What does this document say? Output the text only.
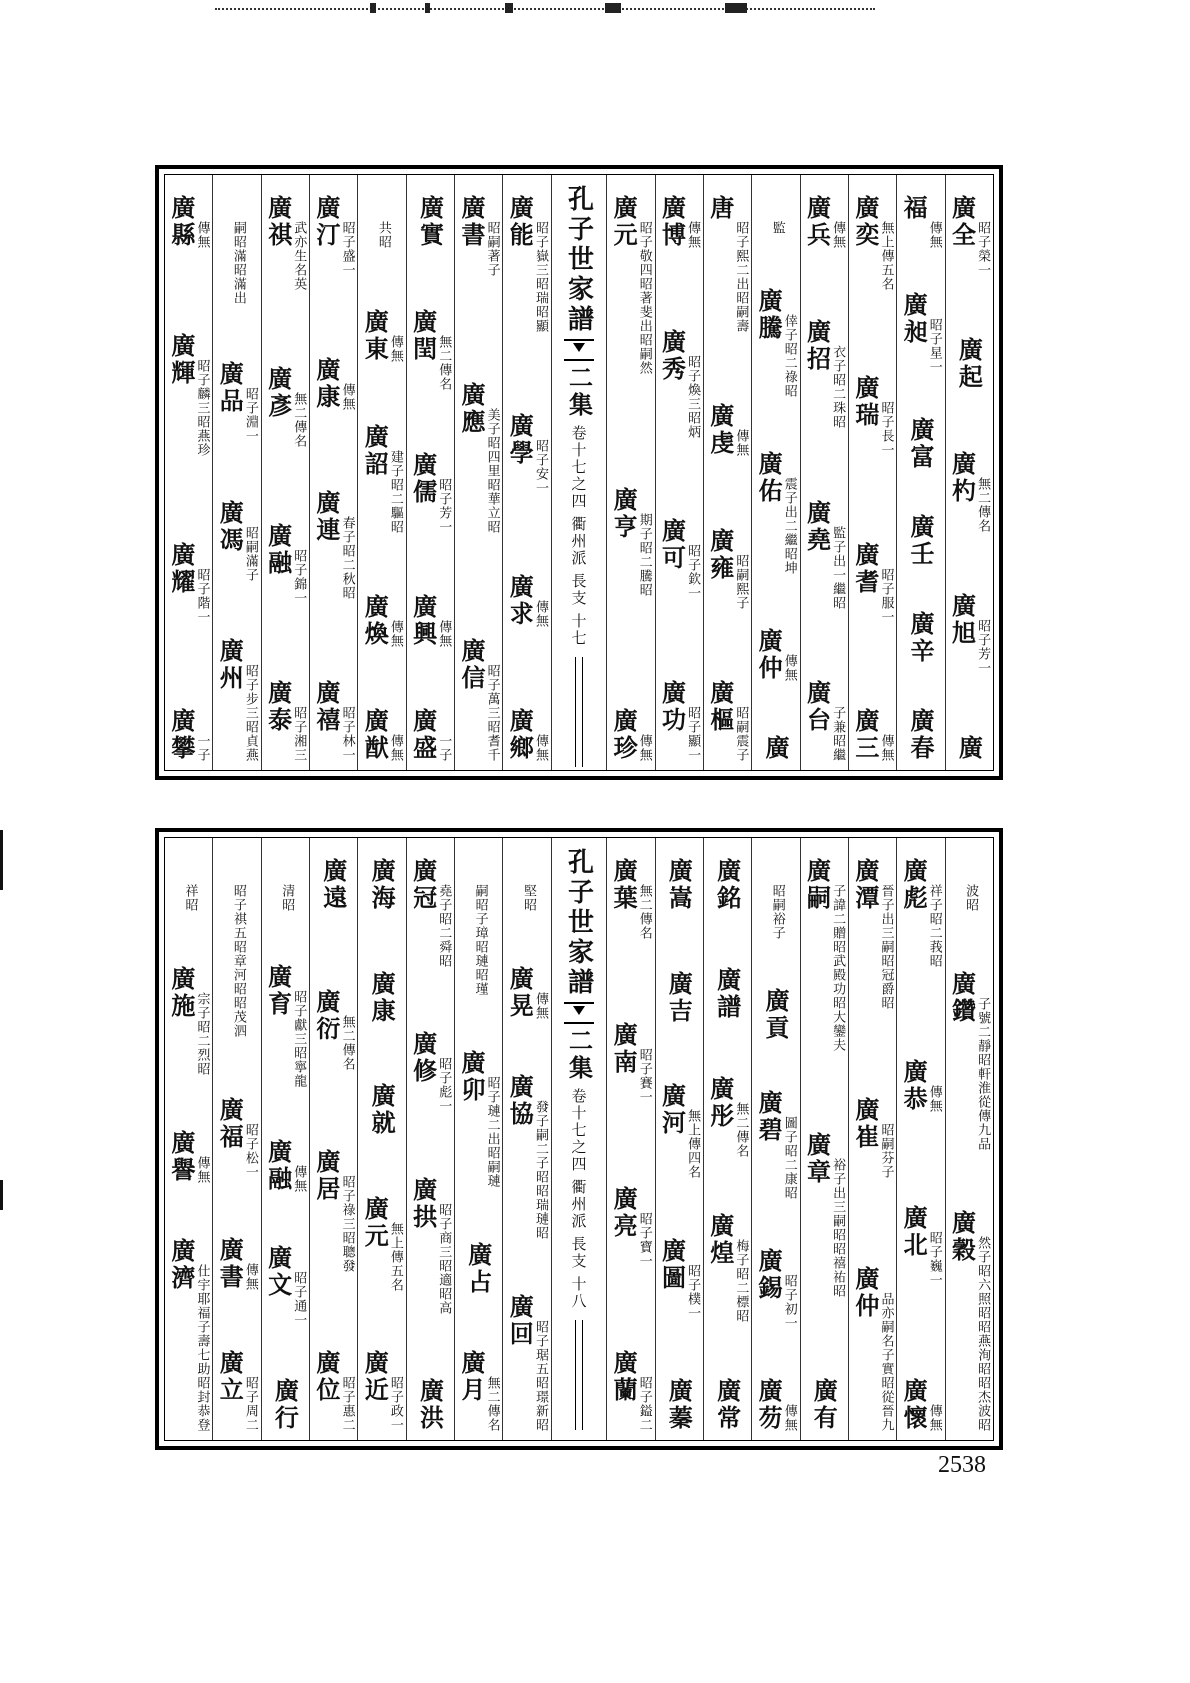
廣全
昭子榮一
廣起
廣杓
無二傳名
廣旭
昭子芳一
廣
福
傳無
廣昶
昭子星一
廣富
廣壬
廣辛
廣春
廣奕
無上傳五名
廣瑞
昭子長一
廣耆
昭子服一
廣三
傳無
廣兵
傳無
廣招
衣子昭二珠昭
廣堯
監子出一繼昭
廣台
子兼昭繼
監
廣騰
倖子昭二祿昭
廣佑
震子出二繼昭坤
廣仲
傳無
廣
唐
昭子熙二出昭嗣壽
廣虔
傳無
廣雍
昭嗣熙子
廣樞
昭嗣震子
廣博
傳無
廣秀
昭子煥三昭炳
廣可
昭子欽一
廣功
昭子顯一
廣元
昭子敬四昭著斐出昭嗣然
廣亨
期子昭二騰昭
廣珍
傳無
孔子世家譜
二集
卷十七之四
衢州派
長支
十七
廣能
昭子嶽三昭瑞昭顯
廣學
昭子安一
廣求
傳無
廣鄉
傳無
廣書
昭嗣著子
廣應
美子昭四里昭華立昭
廣信
昭子萬三昭耆千
廣實
廣閏
無二傳名
廣儒
昭子芳一
廣興
傳無
廣盛
一子
共昭
廣東
傳無
廣詔
建子昭二驅昭
廣煥
傳無
廣猷
傳無
廣汀
昭子盛一
廣康
傳無
廣連
春子昭二秋昭
廣禧
昭子林一
廣祺
武亦生名英
廣彥
無二傳名
廣融
昭子錦一
廣泰
昭子湘三
嗣昭滿昭滿出
廣品
昭子淵一
廣馮
昭嗣滿子
廣州
昭子步三昭貞燕
廣縣
傳無
廣輝
昭子麟三昭燕珍
廣耀
昭子階一
廣攀
一子
波昭
廣鑽
子號二靜昭軒淮從傳九品
廣穀
然子昭六照昭昭燕洵昭昭杰波昭
廣彪
祥子昭二莪昭
廣恭
傳無
廣北
昭子巍一
廣懷
傳無
廣潭
晉子出三嗣昭冠爵昭
廣崔
昭嗣芬子
廣仲
品亦嗣名子實昭從晉九
廣嗣
子諱二贈昭武殿功昭大鑾夫
廣章
裕子出三嗣昭昭禧祐昭
廣有
昭嗣裕子
廣貢
廣碧
圖子昭二康昭
廣錫
昭子初一
廣芴
傳無
廣銘
廣譜
廣彤
無二傳名
廣煌
梅子昭二標昭
廣常
廣嵩
廣吉
廣河
無上傳四名
廣圖
昭子樸一
廣蓁
廣葉
無二傳名
廣南
昭子賽一
廣亮
昭子寶一
廣蘭
昭子鎰二
孔子世家譜
二集
卷十七之四
衢州派
長支
十八
堅昭
廣晃
傳無
廣協
發子嗣二子昭昭瑞璉昭
廣回
昭子琚五昭璟新昭
嗣昭子璋昭璉昭瑾
廣卯
昭子璉二出昭嗣璉
廣占
廣月
無二傳名
廣冠
堯子昭二舜昭
廣修
昭子彪一
廣拱
昭子商三昭適昭高
廣洪
廣海
廣康
廣就
廣元
無上傳五名
廣近
昭子政一
廣遠
廣衍
無二傳名
廣居
昭子祿三昭聰發
廣位
昭子惠二
清昭
廣育
昭子獻三昭寧龍
廣融
傳無
廣文
昭子通一
廣行
昭子祺五昭章河昭昭茂泗
廣福
昭子松一
廣書
傳無
廣立
昭子周二
祥昭
廣施
宗子昭二烈昭
廣譽
傳無
廣濟
仕宇耶福子壽七助昭封恭登
2538
